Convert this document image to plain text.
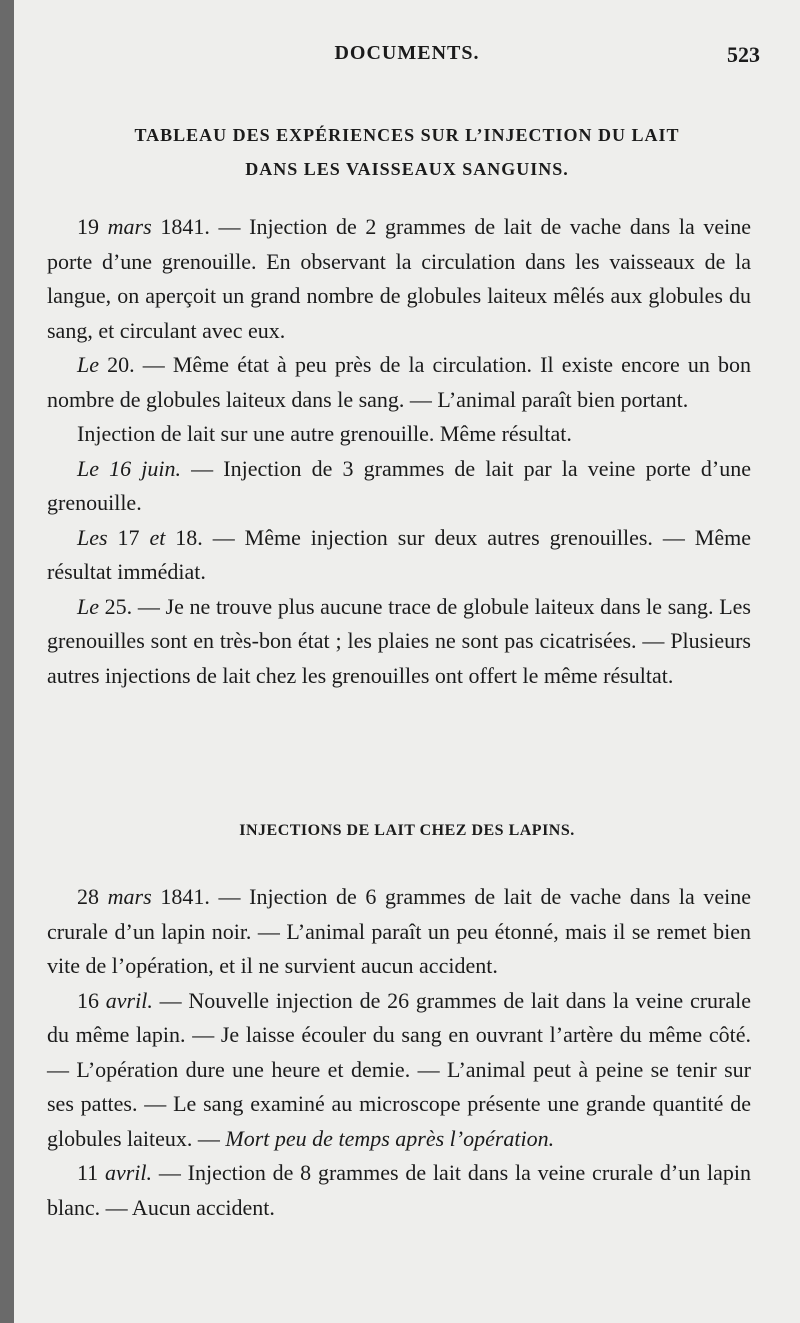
DOCUMENTS.	523
TABLEAU DES EXPÉRIENCES SUR L’INJECTION DU LAIT
DANS LES VAISSEAUX SANGUINS.

19 mars 1841. — Injection de 2 grammes de lait de vache dans la veine porte d’une grenouille. En observant la circulation dans les vaisseaux de la langue, on aperçoit un grand nombre de globules laiteux mêlés aux globules du sang, et circulant avec eux.

Le 20. — Même état à peu près de la circulation. Il existe encore un bon nombre de globules laiteux dans le sang. — L’animal paraît bien portant.

Injection de lait sur une autre grenouille. Même résultat.

Le 16 juin. — Injection de 3 grammes de lait par la veine porte d’une grenouille.

Les 17 et 18. — Même injection sur deux autres grenouilles. — Même résultat immédiat.

Le 25. — Je ne trouve plus aucune trace de globule laiteux dans le sang. Les grenouilles sont en très-bon état ; les plaies ne sont pas cicatrisées. — Plusieurs autres injections de lait chez les grenouilles ont offert le même résultat.

INJECTIONS DE LAIT CHEZ DES LAPINS.

28 mars 1841. — Injection de 6 grammes de lait de vache dans la veine crurale d’un lapin noir. — L’animal paraît un peu étonné, mais il se remet bien vite de l’opération, et il ne survient aucun accident.

16 avril. — Nouvelle injection de 26 grammes de lait dans la veine crurale du même lapin. — Je laisse écouler du sang en ouvrant l’artère du même côté. — L’opération dure une heure et demie. — L’animal peut à peine se tenir sur ses pattes. — Le sang examiné au microscope présente une grande quantité de globules laiteux. — Mort peu de temps après l’opération.

11 avril. — Injection de 8 grammes de lait dans la veine crurale d’un lapin blanc. — Aucun accident.
